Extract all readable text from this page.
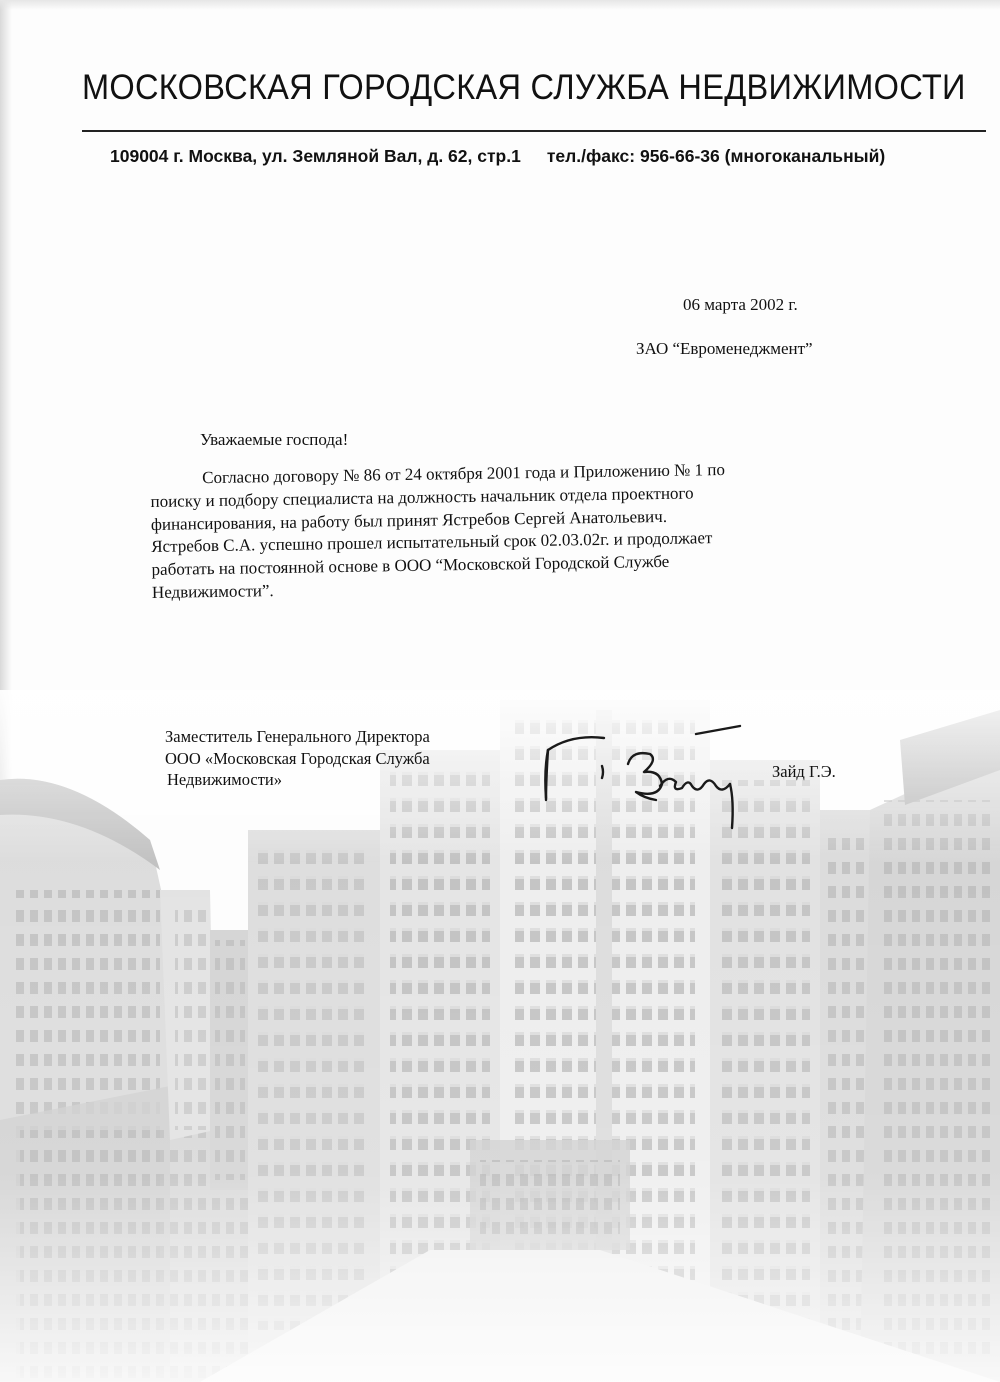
МОСКОВСКАЯ ГОРОДСКАЯ СЛУЖБА НЕДВИЖИМОСТИ
109004 г. Москва, ул. Земляной Вал, д. 62, стр.1 тел./факс: 956-66-36 (многоканальный)
06 марта 2002 г.
ЗАО “Евроменеджмент”
Уважаемые господа!
Согласно договору № 86 от 24 октября 2001 года и Приложению № 1 по
поиску и подбору специалиста на должность начальник отдела проектного
финансирования, на работу был принят Ястребов Сергей Анатольевич.
Ястребов С.А. успешно прошел испытательный срок 02.03.02г. и продолжает
работать на постоянной основе в ООО “Московской Городской Службе
Недвижимости”.
Заместитель Генерального Директора
ООО «Московская Городская Служба
Недвижимости»	Зайд Г.Э.
